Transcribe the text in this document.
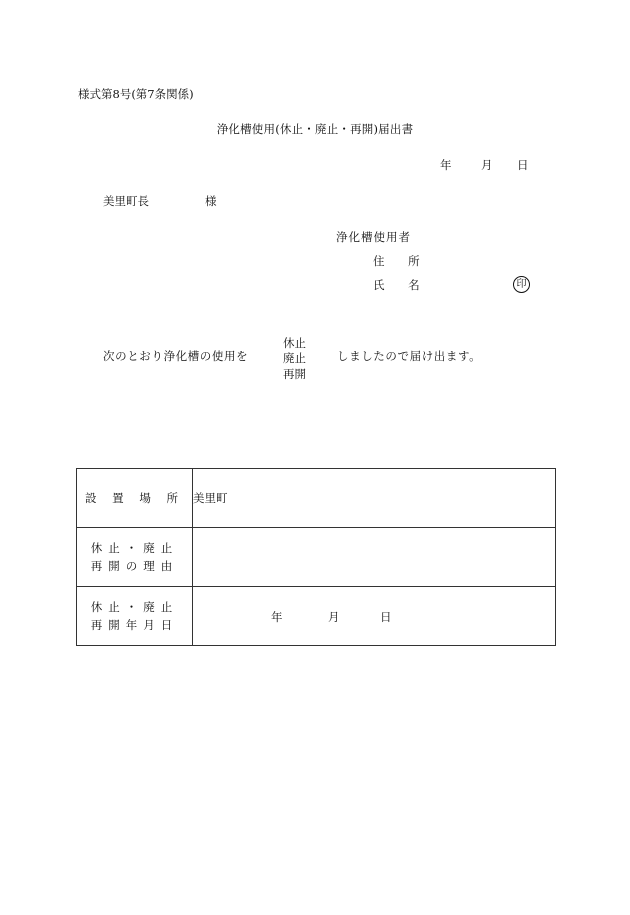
様式第8号(第7条関係)
浄化槽使用(休止・廃止・再開)届出書
年	月 日
美里町長	様
浄化槽使用者
住 所
氏 名	印
次のとおり浄化槽の使用を
休止
廃止
再開
しましたので届け出ます。
設 置 場 所	美里町

休止・廃止
再開の理由	

休止・廃止
再開年月日	年 月 日
